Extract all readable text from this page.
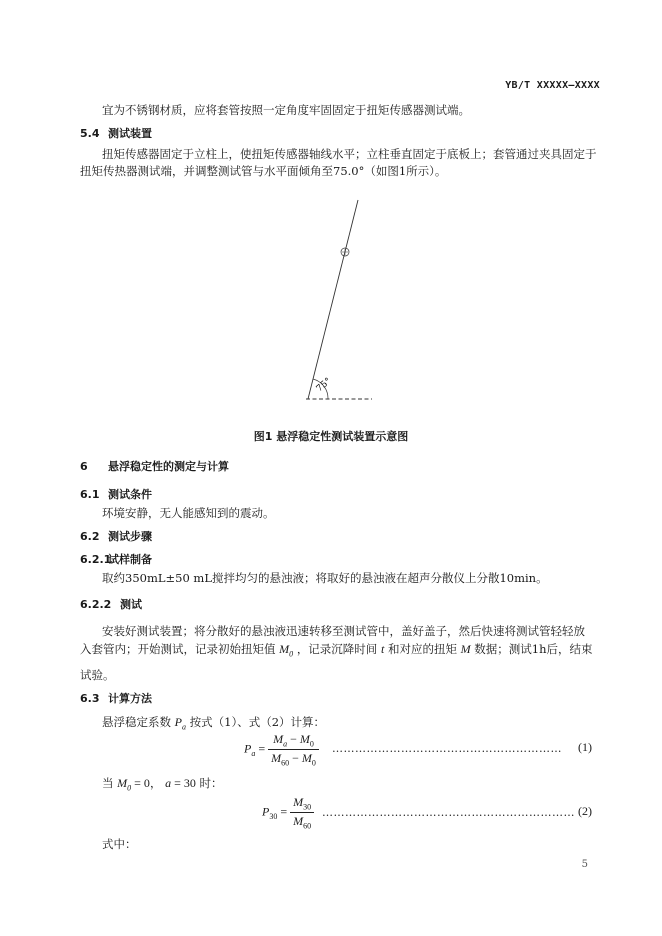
YB/T XXXXX—XXXX
宜为不锈钢材质，应将套管按照一定角度牢固固定于扭矩传感器测试端。
5.4 测试装置
扭矩传感器固定于立柱上，使扭矩传感器轴线水平；立柱垂直固定于底板上；套管通过夹具固定于
扭矩传热器测试端，并调整测试管与水平面倾角至75.0°（如图1所示）。
75°
图1 悬浮稳定性测试装置示意图
6 悬浮稳定性的测定与计算
6.1 测试条件
环境安静，无人能感知到的震动。
6.2 测试步骤
6.2.1试样制备
取约350mL±50 mL搅拌均匀的悬浊液；将取好的悬浊液在超声分散仪上分散10min。
6.2.2 测试
安装好测试装置；将分散好的悬浊液迅速转移至测试管中，盖好盖子，然后快速将测试管轻轻放
入套管内；开始测试，记录初始扭矩值 $M_0$ ，记录沉降时间 t 和对应的扭矩 M 数据；测试1h后，结束
试验。
6.3 计算方法
悬浮稳定系数 $P_a$ 按式（1）、式（2）计算：
$P_a = \frac{M_a - M_0}{M_{60} - M_0}$ …………………………………………………… (1)
当 $M_0 = 0$， a = 30 时：
$P_{30} = \frac{M_{30}}{M_{60}}$ ………………………………………………………… (2)
式中：
5
